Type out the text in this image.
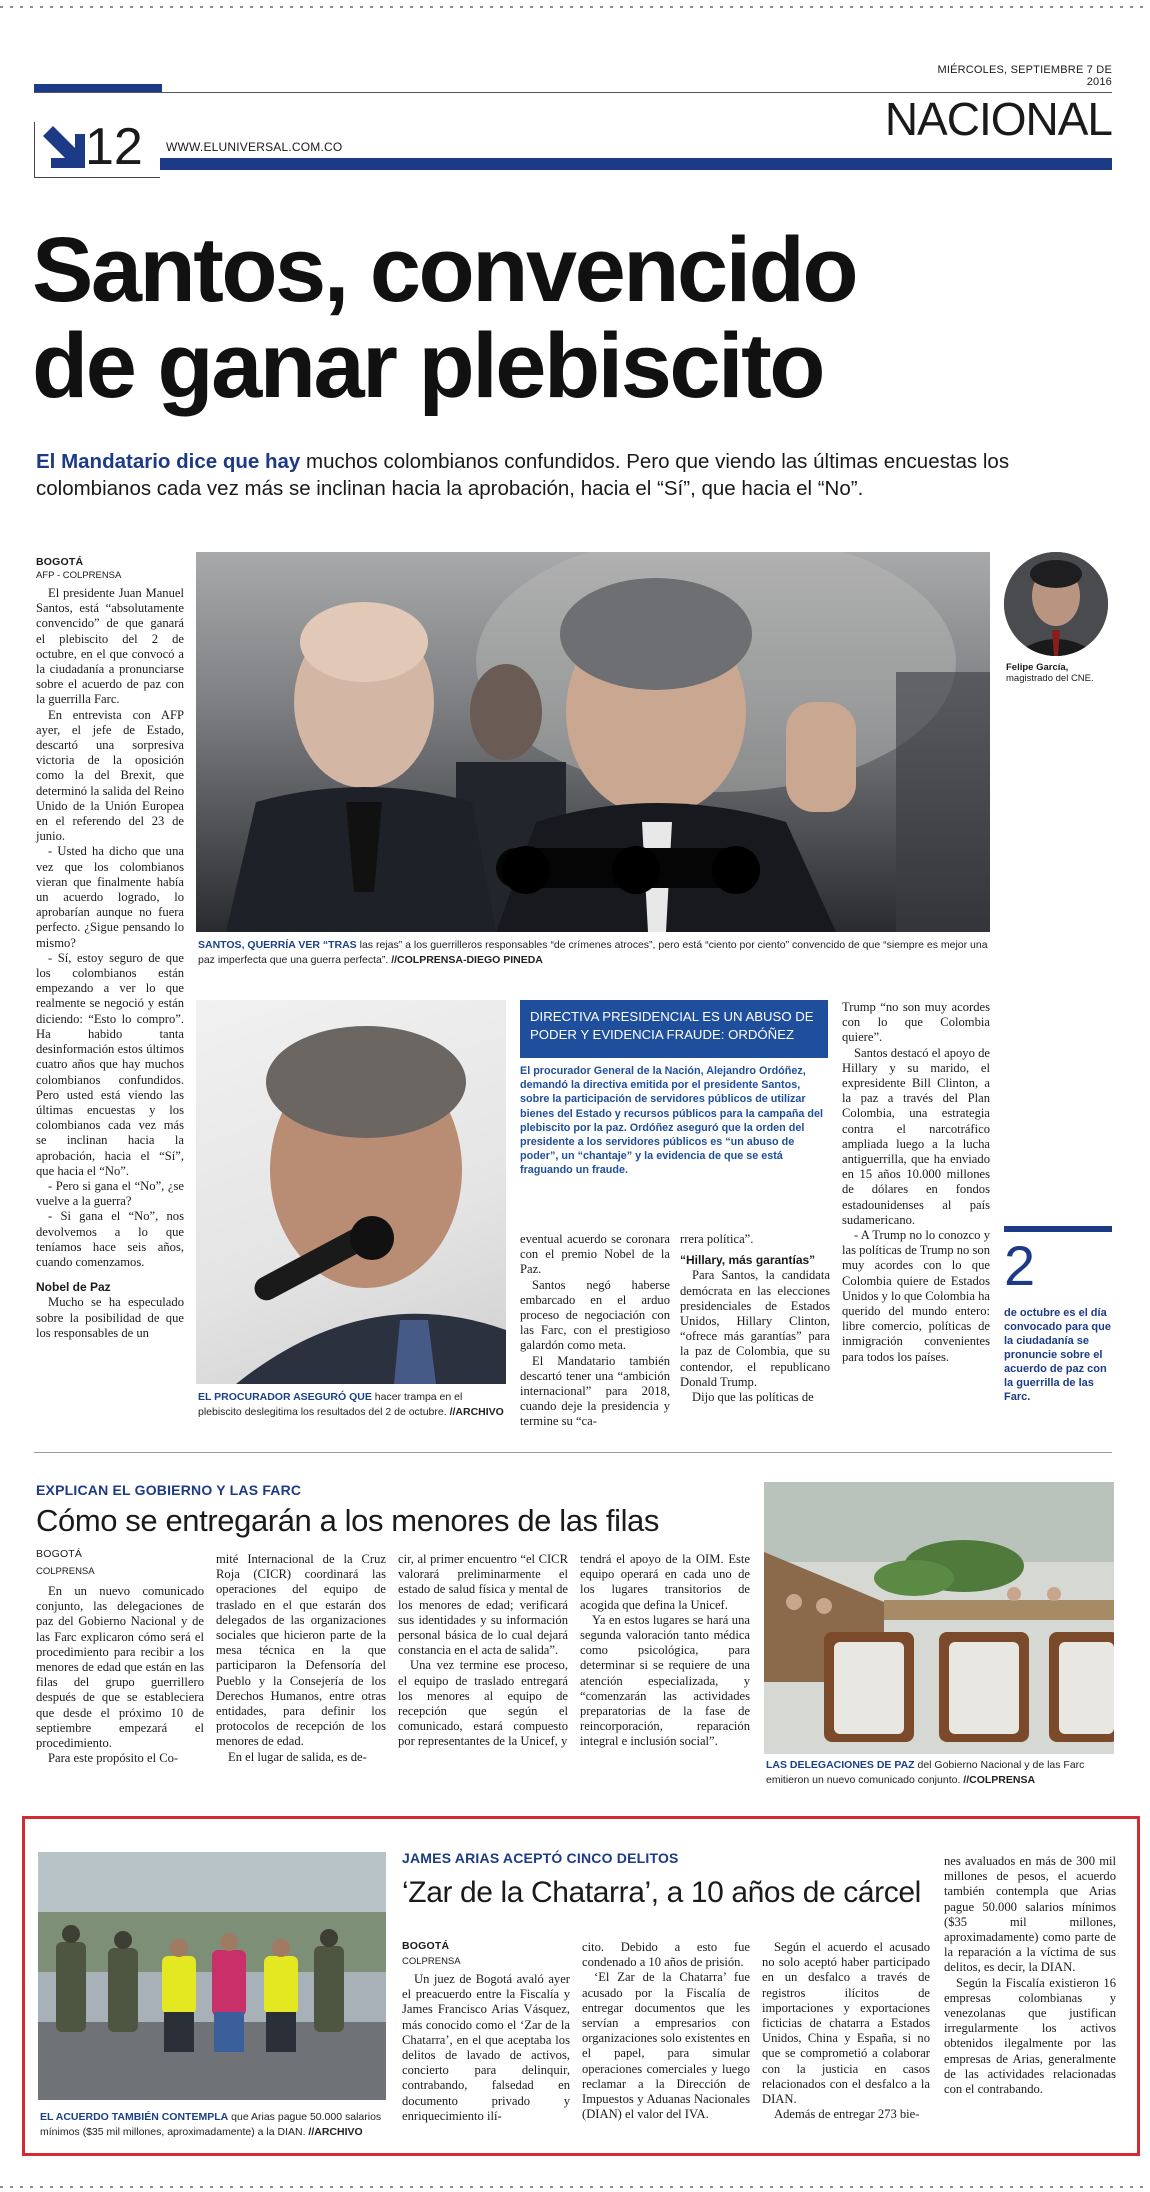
MIÉRCOLES, SEPTIEMBRE 7 DE 2016
NACIONAL
12 WWW.ELUNIVERSAL.COM.CO
Santos, convencido
de ganar plebiscito
El Mandatario dice que hay muchos colombianos confundidos. Pero que viendo las últimas encuestas los colombianos cada vez más se inclinan hacia la aprobación, hacia el “Sí”, que hacia el “No”.
BOGOTÁ
AFP - COLPRENSA

El presidente Juan Manuel Santos, está “absolutamente convencido” de que ganará el plebiscito del 2 de octubre, en el que convocó a la ciudadanía a pronunciarse sobre el acuerdo de paz con la guerrilla Farc.

En entrevista con AFP ayer, el jefe de Estado, descartó una sorpresiva victoria de la oposición como la del Brexit, que determinó la salida del Reino Unido de la Unión Europea en el referendo del 23 de junio.

- Usted ha dicho que una vez que los colombianos vieran que finalmente había un acuerdo logrado, lo aprobarían aunque no fuera perfecto. ¿Sigue pensando lo mismo?

- Sí, estoy seguro de que los colombianos están empezando a ver lo que realmente se negoció y están diciendo: “Esto lo compro”. Ha habido tanta desinformación estos últimos cuatro años que hay muchos colombianos confundidos. Pero usted está viendo las últimas encuestas y los colombianos cada vez más se inclinan hacia la aprobación, hacia el “Sí”, que hacia el “No”.

- Pero si gana el “No”, ¿se vuelve a la guerra?

- Si gana el “No”, nos devolvemos a lo que teníamos hace seis años, cuando comenzamos.

Nobel de Paz

Mucho se ha especulado sobre la posibilidad de que los responsables de un

SANTOS, QUERRÍA VER “TRAS las rejas” a los guerrilleros responsables “de crímenes atroces”, pero está “ciento por ciento” convencido de que “siempre es mejor una paz imperfecta que una guerra perfecta”. //COLPRENSA-DIEGO PINEDA
Felipe García,
magistrado del CNE.
EL PROCURADOR ASEGURÓ QUE hacer trampa en el plebiscito deslegitima los resultados del 2 de octubre. //ARCHIVO
DIRECTIVA PRESIDENCIAL ES UN ABUSO DE PODER Y EVIDENCIA FRAUDE: ORDÓÑEZ
El procurador General de la Nación, Alejandro Ordóñez, demandó la directiva emitida por el presidente Santos, sobre la participación de servidores públicos de utilizar bienes del Estado y recursos públicos para la campaña del plebiscito por la paz. Ordóñez aseguró que la orden del presidente a los servidores públicos es “un abuso de poder”, un “chantaje” y la evidencia de que se está fraguando un fraude.

eventual acuerdo se coronara con el premio Nobel de la Paz.

Santos negó haberse embarcado en el arduo proceso de negociación con las Farc, con el prestigioso galardón como meta.

El Mandatario también descartó tener una “ambición internacional” para 2018, cuando deje la presidencia y termine su “ca-

rrera política”.

“Hillary, más garantías”

Para Santos, la candidata demócrata en las elecciones presidenciales de Estados Unidos, Hillary Clinton, “ofrece más garantías” para la paz de Colombia, que su contendor, el republicano Donald Trump.

Dijo que las políticas de

Trump “no son muy acordes con lo que Colombia quiere”.

Santos destacó el apoyo de Hillary y su marido, el expresidente Bill Clinton, a la paz a través del Plan Colombia, una estrategia contra el narcotráfico ampliada luego a la lucha antiguerrilla, que ha enviado en 15 años 10.000 millones de dólares en fondos estadounidenses al país sudamericano.

- A Trump no lo conozco y las políticas de Trump no son muy acordes con lo que Colombia quiere de Estados Unidos y lo que Colombia ha querido del mundo entero: libre comercio, políticas de inmigración convenientes para todos los países.

2
de octubre es el día convocado para que la ciudadanía se pronuncie sobre el acuerdo de paz con la guerrilla de las Farc.
EXPLICAN EL GOBIERNO Y LAS FARC
Cómo se entregarán a los menores de las filas
BOGOTÁ
COLPRENSA

En un nuevo comunicado conjunto, las delegaciones de paz del Gobierno Nacional y de las Farc explicaron cómo será el procedimiento para recibir a los menores de edad que están en las filas del grupo guerrillero después de que se estableciera que desde el próximo 10 de septiembre empezará el procedimiento.

Para este propósito el Co-

mité Internacional de la Cruz Roja (CICR) coordinará las operaciones del equipo de traslado en el que estarán dos delegados de las organizaciones sociales que hicieron parte de la mesa técnica en la que participaron la Defensoría del Pueblo y la Consejería de los Derechos Humanos, entre otras entidades, para definir los protocolos de recepción de los menores de edad.

En el lugar de salida, es de-

cir, al primer encuentro “el CICR valorará preliminarmente el estado de salud física y mental de los menores de edad; verificará sus identidades y su información personal básica de lo cual dejará constancia en el acta de salida”.

Una vez termine ese proceso, el equipo de traslado entregará los menores al equipo de recepción que según el comunicado, estará compuesto por representantes de la Unicef, y

tendrá el apoyo de la OIM. Este equipo operará en cada uno de los lugares transitorios de acogida que defina la Unicef.

Ya en estos lugares se hará una segunda valoración tanto médica como psicológica, para determinar si se requiere de una atención especializada, y “comenzarán las actividades preparatorias de la fase de reincorporación, reparación integral e inclusión social”.

LAS DELEGACIONES DE PAZ del Gobierno Nacional y de las Farc emitieron un nuevo comunicado conjunto. //COLPRENSA
EL ACUERDO TAMBIÉN CONTEMPLA que Arias pague 50.000 salarios mínimos ($35 mil millones, aproximadamente) a la DIAN. //ARCHIVO
JAMES ARIAS ACEPTÓ CINCO DELITOS
‘Zar de la Chatarra’, a 10 años de cárcel
BOGOTÁ
COLPRENSA

Un juez de Bogotá avaló ayer el preacuerdo entre la Fiscalía y James Francisco Arias Vásquez, más conocido como el ‘Zar de la Chatarra’, en el que aceptaba los delitos de lavado de activos, concierto para delinquir, contrabando, falsedad en documento privado y enriquecimiento ilí-

cito. Debido a esto fue condenado a 10 años de prisión.

‘El Zar de la Chatarra’ fue acusado por la Fiscalía de entregar documentos que les servían a empresarios con organizaciones solo existentes en el papel, para simular operaciones comerciales y luego reclamar a la Dirección de Impuestos y Aduanas Nacionales (DIAN) el valor del IVA.

Según el acuerdo el acusado no solo aceptó haber participado en un desfalco a través de registros ilícitos de importaciones y exportaciones ficticias de chatarra a Estados Unidos, China y España, si no que se comprometió a colaborar con la justicia en casos relacionados con el desfalco a la DIAN.

Además de entregar 273 bie-

nes avaluados en más de 300 mil millones de pesos, el acuerdo también contempla que Arias pague 50.000 salarios mínimos ($35 mil millones, aproximadamente) como parte de la reparación a la víctima de sus delitos, es decir, la DIAN.

Según la Fiscalía existieron 16 empresas colombianas y venezolanas que justifican irregularmente los activos obtenidos ilegalmente por las empresas de Arias, generalmente de las actividades relacionadas con el contrabando.
